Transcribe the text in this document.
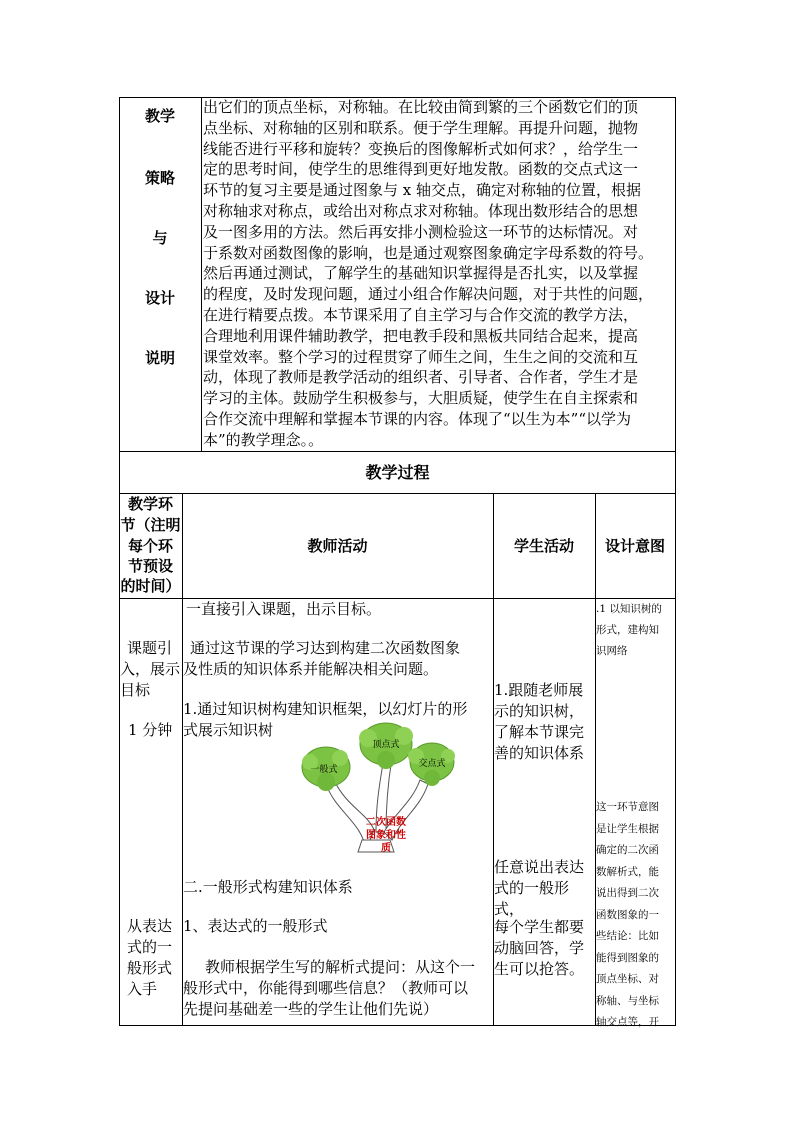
教学
策略
与
设计
说明
出它们的顶点坐标，对称轴。在比较由简到繁的三个函数它们的顶
点坐标、对称轴的区别和联系。便于学生理解。再提升问题，抛物
线能否进行平移和旋转？变换后的图像解析式如何求？，给学生一
定的思考时间，使学生的思维得到更好地发散。函数的交点式这一
环节的复习主要是通过图象与 x 轴交点，确定对称轴的位置，根据
对称轴求对称点，或给出对称点求对称轴。体现出数形结合的思想
及一图多用的方法。然后再安排小测检验这一环节的达标情况。对
于系数对函数图像的影响，也是通过观察图象确定字母系数的符号。
然后再通过测试，了解学生的基础知识掌握得是否扎实，以及掌握
的程度，及时发现问题，通过小组合作解决问题，对于共性的问题，
在进行精要点拨。本节课采用了自主学习与合作交流的教学方法，
合理地利用课件辅助教学，把电教手段和黑板共同结合起来，提高
课堂效率。整个学习的过程贯穿了师生之间，生生之间的交流和互
动，体现了教师是教学活动的组织者、引导者、合作者，学生才是
学习的主体。鼓励学生积极参与，大胆质疑，使学生在自主探索和
合作交流中理解和掌握本节课的内容。体现了“以生为本”“以学为
本”的教学理念。。
教学过程
教学环
节（注明
每个环
节预设
的时间）
教师活动	学生活动	设计意图
课题引
入，展示
目标
1 分钟
一直接引入课题，出示目标。
通过这节课的学习达到构建二次函数图象
及性质的知识体系并能解决相关问题。
1.通过知识树构建知识框架，以幻灯片的形
式展示知识树
一般式
顶点式
交点式
二次函数
图象和性
质
1.跟随老师展
示的知识树，
了解本节课完
善的知识体系
.1 以知识树的
形式，建构知
识网络
从表达
式的一
般形式
入手
二.一般形式构建知识体系
1、表达式的一般形式
教师根据学生写的解析式提问：从这个一
般形式中，你能得到哪些信息？（教师可以
先提问基础差一些的学生让他们先说）
任意说出表达
式的一般形式，
每个学生都要
动脑回答，学
生可以抢答。
这一环节意图
是让学生根据
确定的二次函
数解析式，能
说出得到二次
函数图象的一
些结论：比如
能得到图象的
顶点坐标、对
称轴、与坐标
轴交点等，开
